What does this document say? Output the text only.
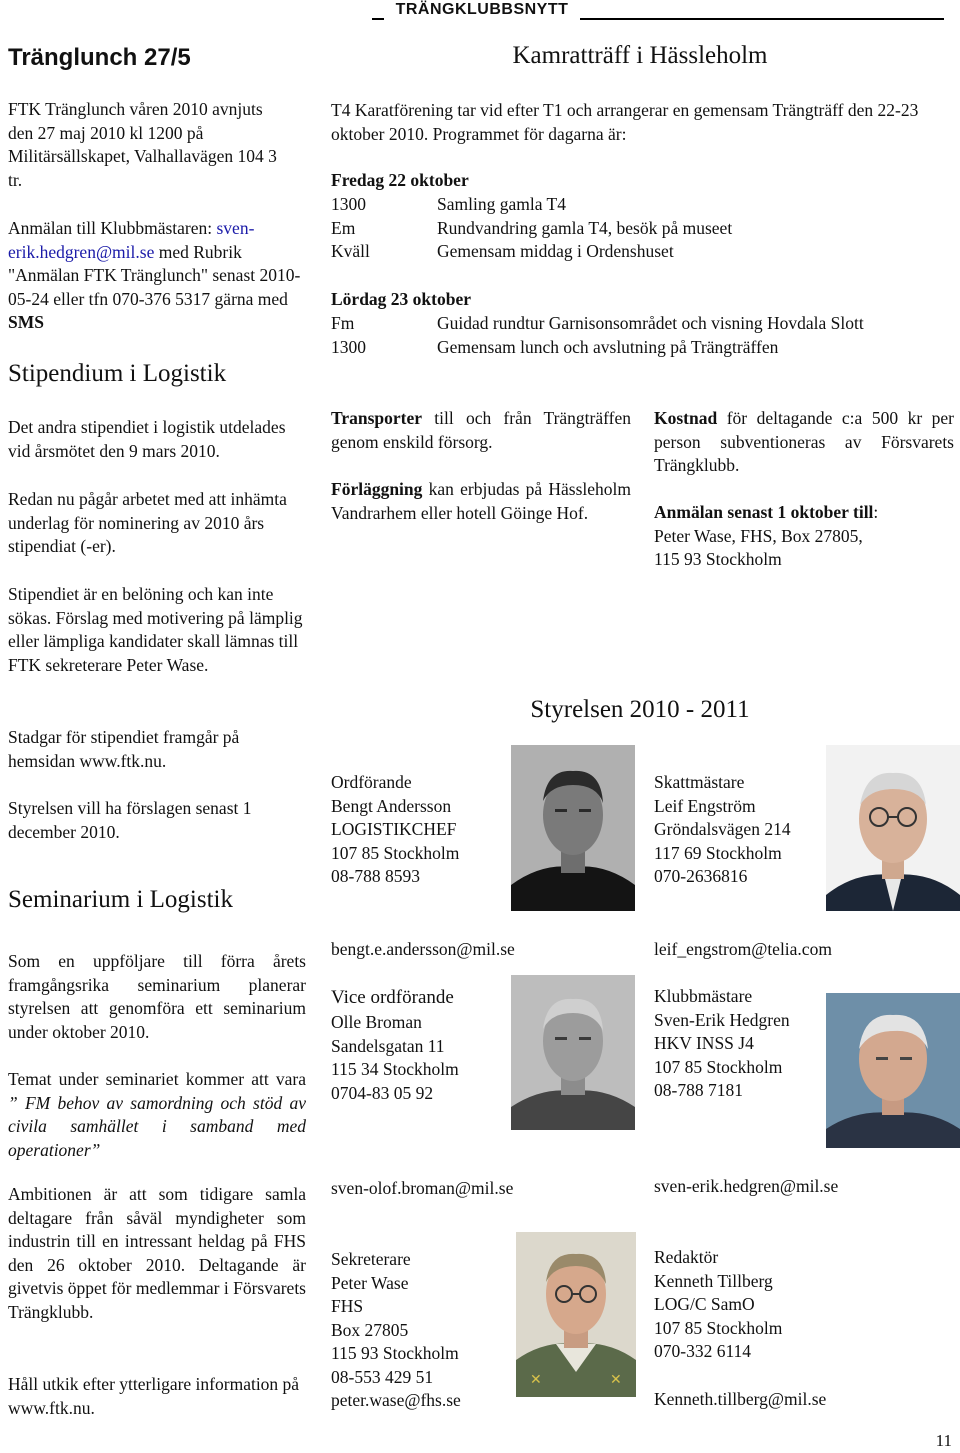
TRÄNGKLUBBSNYTT
Tränglunch 27/5

FTK Tränglunch våren 2010 avnjuts den 27 maj 2010 kl 1200 på Militärsällskapet, Valhallavägen 104 3 tr.

Anmälan till Klubbmästaren: sven-erik.hedgren@mil.se med Rubrik "Anmälan FTK Tränglunch" senast 2010-05-24 eller tfn 070-376 5317 gärna med SMS

Stipendium i Logistik

Det andra stipendiet i logistik utdelades vid årsmötet den 9 mars 2010.

Redan nu pågår arbetet med att inhämta underlag för nominering av 2010 års stipendiat (-er).

Stipendiet är en belöning och kan inte sökas. Förslag med motivering på lämplig eller lämpliga kandidater skall lämnas till FTK sekreterare Peter Wase.

Stadgar för stipendiet framgår på hemsidan www.ftk.nu.

Styrelsen vill ha förslagen senast 1 december 2010.

Seminarium i Logistik

Som en uppföljare till förra årets framgångsrika seminarium planerar styrelsen att genomföra ett seminarium under oktober 2010.

Temat under seminariet kommer att vara ” FM behov av samordning och stöd av civila samhället i samband med operationer”

Ambitionen är att som tidigare samla deltagare från såväl myndigheter som industrin till en intressant heldag på FHS den 26 oktober 2010. Deltagande är givetvis öppet för medlemmar i Försvarets Trängklubb.

Håll utkik efter ytterligare information på www.ftk.nu.

Kamratträff i Hässleholm

T4 Karatförening tar vid efter T1 och arrangerar en gemensam Trängträff den 22-23 oktober 2010. Programmet för dagarna är:

Fredag 22 oktober
1300	Samling gamla T4
Em	Rundvandring gamla T4, besök på museet
Kväll	Gemensam middag i Ordenshuset
Lördag 23 oktober
Fm	Guidad rundtur Garnisonsområdet och visning Hovdala Slott
1300	Gemensam lunch och avslutning på Trängträffen

Transporter till och från Trängträffen genom enskild försorg.

Förläggning kan erbjudas på Hässleholm Vandrarhem eller hotell Göinge Hof.

Kostnad för deltagande c:a 500 kr per person subventioneras av Försvarets Trängklubb.

Anmälan senast 1 oktober till:
Peter Wase, FHS, Box 27805,
115 93 Stockholm
Styrelsen 2010 - 2011
Ordförande
Bengt Andersson
LOGISTIKCHEF
107 85 Stockholm
08-788 8593
bengt.e.andersson@mil.se
Skattmästare
Leif Engström
Gröndalsvägen 214
117 69 Stockholm
070-2636816
leif_engstrom@telia.com
Vice ordförande
Olle Broman
Sandelsgatan 11
115 34 Stockholm
0704-83 05 92
sven-olof.broman@mil.se
Klubbmästare
Sven-Erik Hedgren
HKV INSS J4
107 85 Stockholm
08-788 7181
sven-erik.hedgren@mil.se
Sekreterare
Peter Wase
FHS
Box 27805
115 93 Stockholm
08-553 429 51
peter.wase@fhs.se
✕	✕
Redaktör
Kenneth Tillberg
LOG/C SamO
107 85 Stockholm
070-332 6114
Kenneth.tillberg@mil.se
11
